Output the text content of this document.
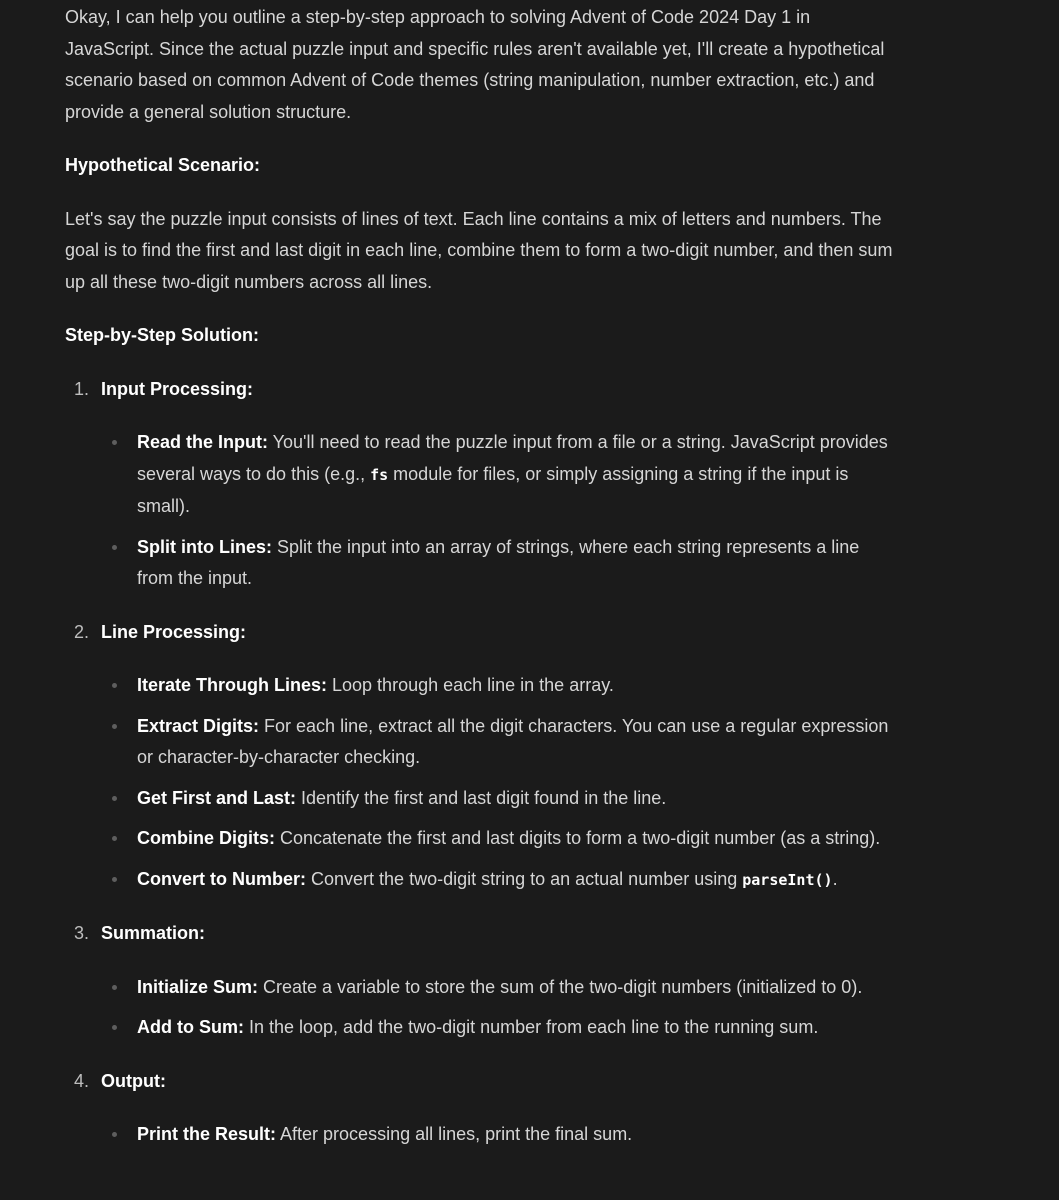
Okay, I can help you outline a step-by-step approach to solving Advent of Code 2024 Day 1 in JavaScript. Since the actual puzzle input and specific rules aren't available yet, I'll create a hypothetical scenario based on common Advent of Code themes (string manipulation, number extraction, etc.) and provide a general solution structure.

Hypothetical Scenario:

Let's say the puzzle input consists of lines of text. Each line contains a mix of letters and numbers. The goal is to find the first and last digit in each line, combine them to form a two-digit number, and then sum up all these two-digit numbers across all lines.

Step-by-Step Solution:

1. Input Processing:
Read the Input: You'll need to read the puzzle input from a file or a string. JavaScript provides several ways to do this (e.g., fs module for files, or simply assigning a string if the input is small).
Split into Lines: Split the input into an array of strings, where each string represents a line from the input.
2. Line Processing:
Iterate Through Lines: Loop through each line in the array.
Extract Digits: For each line, extract all the digit characters. You can use a regular expression or character-by-character checking.
Get First and Last: Identify the first and last digit found in the line.
Combine Digits: Concatenate the first and last digits to form a two-digit number (as a string).
Convert to Number: Convert the two-digit string to an actual number using parseInt().
3. Summation:
Initialize Sum: Create a variable to store the sum of the two-digit numbers (initialized to 0).
Add to Sum: In the loop, add the two-digit number from each line to the running sum.
4. Output:
Print the Result: After processing all lines, print the final sum.
